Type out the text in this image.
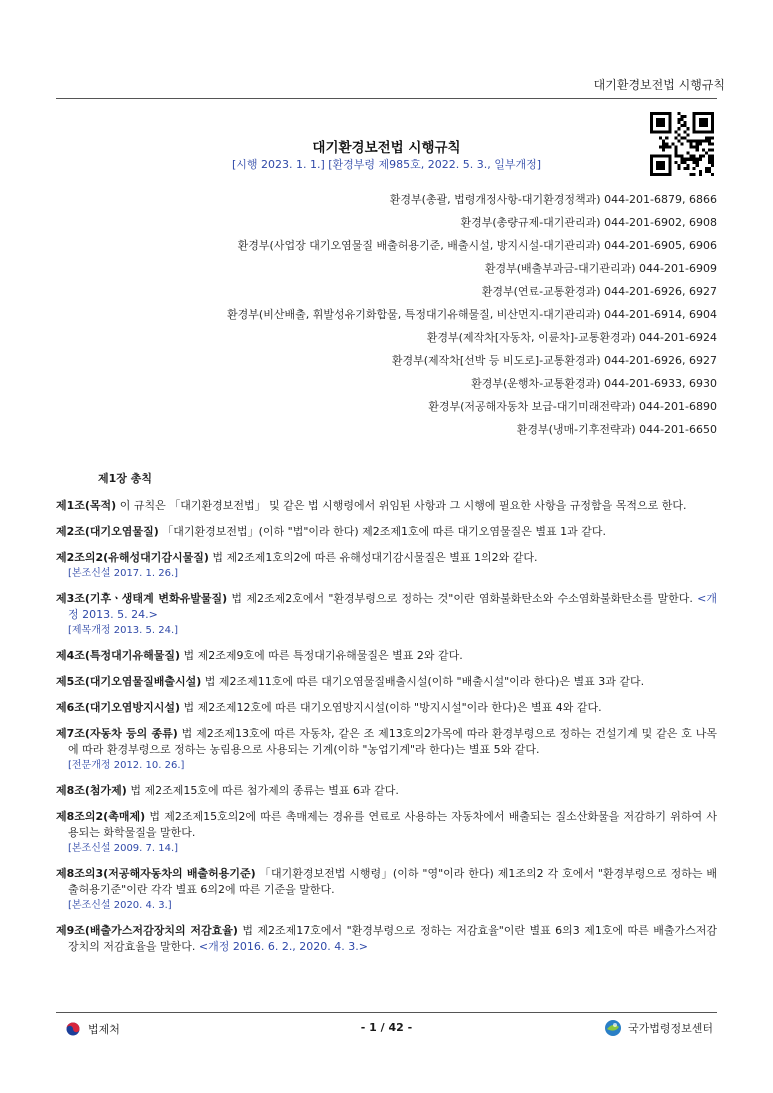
대기환경보전법 시행규칙
대기환경보전법 시행규칙
[시행 2023. 1. 1.] [환경부령 제985호, 2022. 5. 3., 일부개정]
환경부(총괄, 법령개정사항-대기환경정책과) 044-201-6879, 6866
환경부(총량규제-대기관리과) 044-201-6902, 6908
환경부(사업장 대기오염물질 배출허용기준, 배출시설, 방지시설-대기관리과) 044-201-6905, 6906
환경부(배출부과금-대기관리과) 044-201-6909
환경부(연료-교통환경과) 044-201-6926, 6927
환경부(비산배출, 휘발성유기화합물, 특정대기유해물질, 비산먼지-대기관리과) 044-201-6914, 6904
환경부(제작차[자동차, 이륜차]-교통환경과) 044-201-6924
환경부(제작차[선박 등 비도로]-교통환경과) 044-201-6926, 6927
환경부(운행차-교통환경과) 044-201-6933, 6930
환경부(저공해자동차 보급-대기미래전략과) 044-201-6890
환경부(냉매-기후전략과) 044-201-6650
제1장 총칙
제1조(목적) 이 규칙은 「대기환경보전법」 및 같은 법 시행령에서 위임된 사항과 그 시행에 필요한 사항을 규정함을 목적으로 한다.
제2조(대기오염물질) 「대기환경보전법」(이하 "법"이라 한다) 제2조제1호에 따른 대기오염물질은 별표 1과 같다.
제2조의2(유해성대기감시물질) 법 제2조제1호의2에 따른 유해성대기감시물질은 별표 1의2와 같다.
[본조신설 2017. 1. 26.]
제3조(기후ㆍ생태계 변화유발물질) 법 제2조제2호에서 "환경부령으로 정하는 것"이란 염화불화탄소와 수소염화불화탄소를 말한다. <개정 2013. 5. 24.>
[제목개정 2013. 5. 24.]
제4조(특정대기유해물질) 법 제2조제9호에 따른 특정대기유해물질은 별표 2와 같다.
제5조(대기오염물질배출시설) 법 제2조제11호에 따른 대기오염물질배출시설(이하 "배출시설"이라 한다)은 별표 3과 같다.
제6조(대기오염방지시설) 법 제2조제12호에 따른 대기오염방지시설(이하 "방지시설"이라 한다)은 별표 4와 같다.
제7조(자동차 등의 종류) 법 제2조제13호에 따른 자동차, 같은 조 제13호의2가목에 따라 환경부령으로 정하는 건설기계 및 같은 호 나목에 따라 환경부령으로 정하는 농림용으로 사용되는 기계(이하 "농업기계"라 한다)는 별표 5와 같다.
[전문개정 2012. 10. 26.]
제8조(첨가제) 법 제2조제15호에 따른 첨가제의 종류는 별표 6과 같다.
제8조의2(촉매제) 법 제2조제15호의2에 따른 촉매제는 경유를 연료로 사용하는 자동차에서 배출되는 질소산화물을 저감하기 위하여 사용되는 화학물질을 말한다.
[본조신설 2009. 7. 14.]
제8조의3(저공해자동차의 배출허용기준) 「대기환경보전법 시행령」(이하 "영"이라 한다) 제1조의2 각 호에서 "환경부령으로 정하는 배출허용기준"이란 각각 별표 6의2에 따른 기준을 말한다.
[본조신설 2020. 4. 3.]
제9조(배출가스저감장치의 저감효율) 법 제2조제17호에서 "환경부령으로 정하는 저감효율"이란 별표 6의3 제1호에 따른 배출가스저감장치의 저감효율을 말한다. <개정 2016. 6. 2., 2020. 4. 3.>
법제처	- 1 / 42 -	국가법령정보센터
